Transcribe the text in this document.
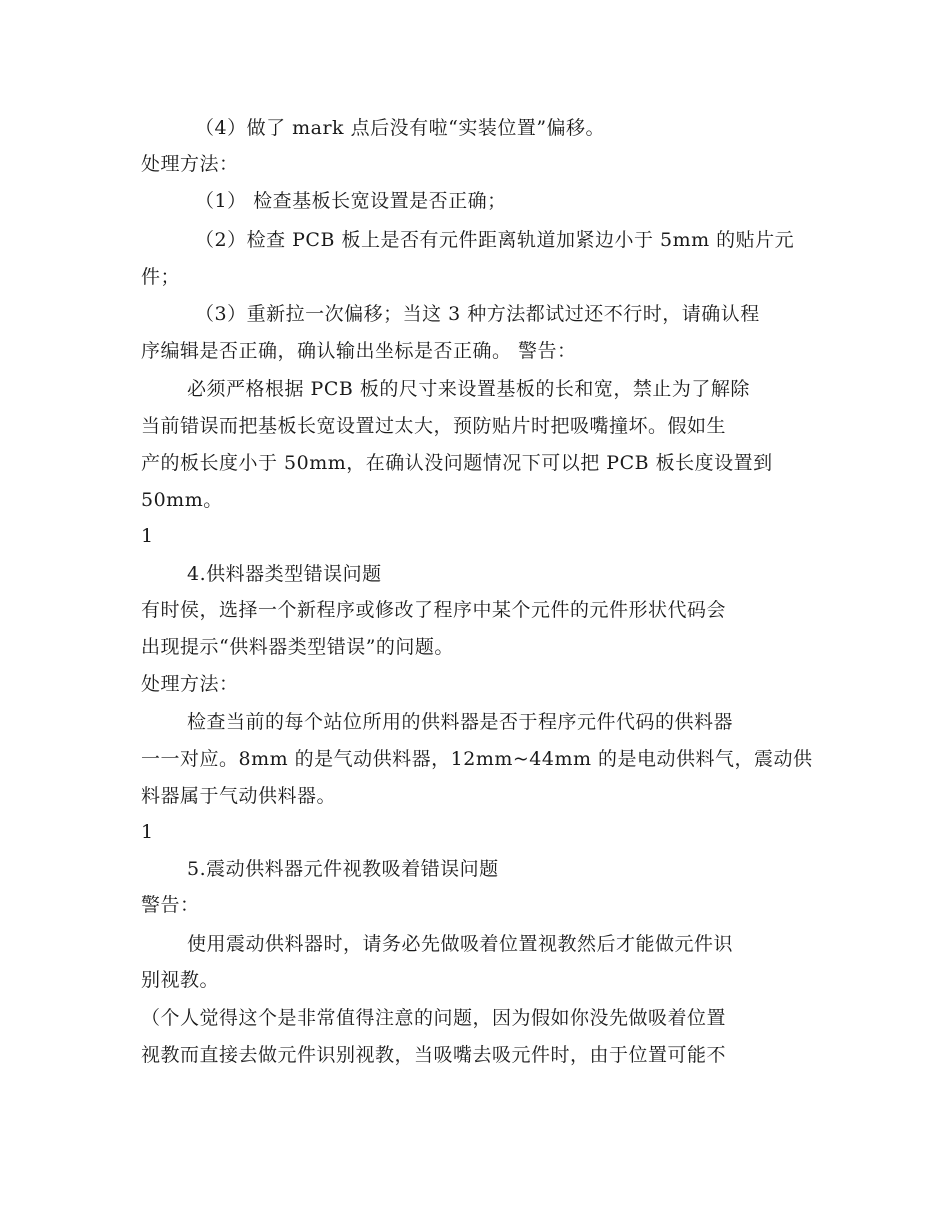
（4）做了 mark 点后没有啦“实装位置”偏移。
处理方法：
（1） 检查基板长宽设置是否正确；
（2）检查 PCB 板上是否有元件距离轨道加紧边小于 5mm 的贴片元
件；
（3）重新拉一次偏移；当这 3 种方法都试过还不行时，请确认程
序编辑是否正确，确认输出坐标是否正确。 警告：
必须严格根据 PCB 板的尺寸来设置基板的长和宽，禁止为了解除
当前错误而把基板长宽设置过太大，预防贴片时把吸嘴撞坏。假如生
产的板长度小于 50mm，在确认没问题情况下可以把 PCB 板长度设置到
50mm。
1
4.供料器类型错误问题
有时侯，选择一个新程序或修改了程序中某个元件的元件形状代码会
出现提示“供料器类型错误”的问题。
处理方法：
检查当前的每个站位所用的供料器是否于程序元件代码的供料器
一一对应。8mm 的是气动供料器，12mm~44mm 的是电动供料气，震动供
料器属于气动供料器。
1
5.震动供料器元件视教吸着错误问题
警告：
使用震动供料器时，请务必先做吸着位置视教然后才能做元件识
别视教。
（个人觉得这个是非常值得注意的问题，因为假如你没先做吸着位置
视教而直接去做元件识别视教，当吸嘴去吸元件时，由于位置可能不
